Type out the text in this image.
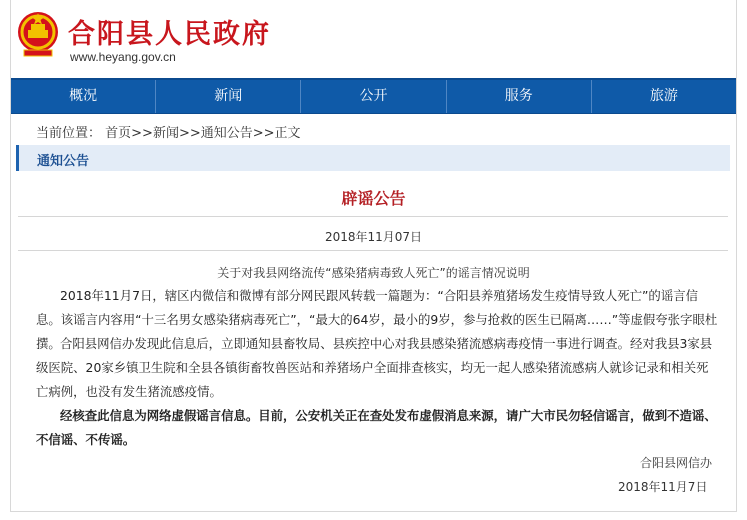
合阳县人民政府
www.heyang.gov.cn
概况	新闻	公开	服务	旅游
当前位置： 首页>>新闻>>通知公告>>正文
通知公告
辟谣公告
2018年11月07日
关于对我县网络流传“感染猪病毒致人死亡”的谣言情况说明

2018年11月7日，辖区内微信和微博有部分网民跟风转载一篇题为：“合阳县养殖猪场发生疫情导致人死亡”的谣言信息。该谣言内容用“十三名男女感染猪病毒死亡”，“最大的64岁，最小的9岁，参与抢救的医生已隔离……”等虚假夸张字眼杜撰。 合阳县网信办发现此信息后，立即通知县畜牧局、县疾控中心对我县感染猪流感病毒疫情一事进行调查。经对我县3家县级医院、20家乡镇卫生院和全县各镇街畜牧兽医站和养猪场户全面排查核实，均无一起人感染猪流感病人就诊记录和相关死亡病例，也没有发生猪流感疫情。

经核查此信息为网络虚假谣言信息。目前，公安机关正在查处发布虚假消息来源，请广大市民勿轻信谣言，做到不造谣、不信谣、不传谣。

合阳县网信办
2018年11月7日
